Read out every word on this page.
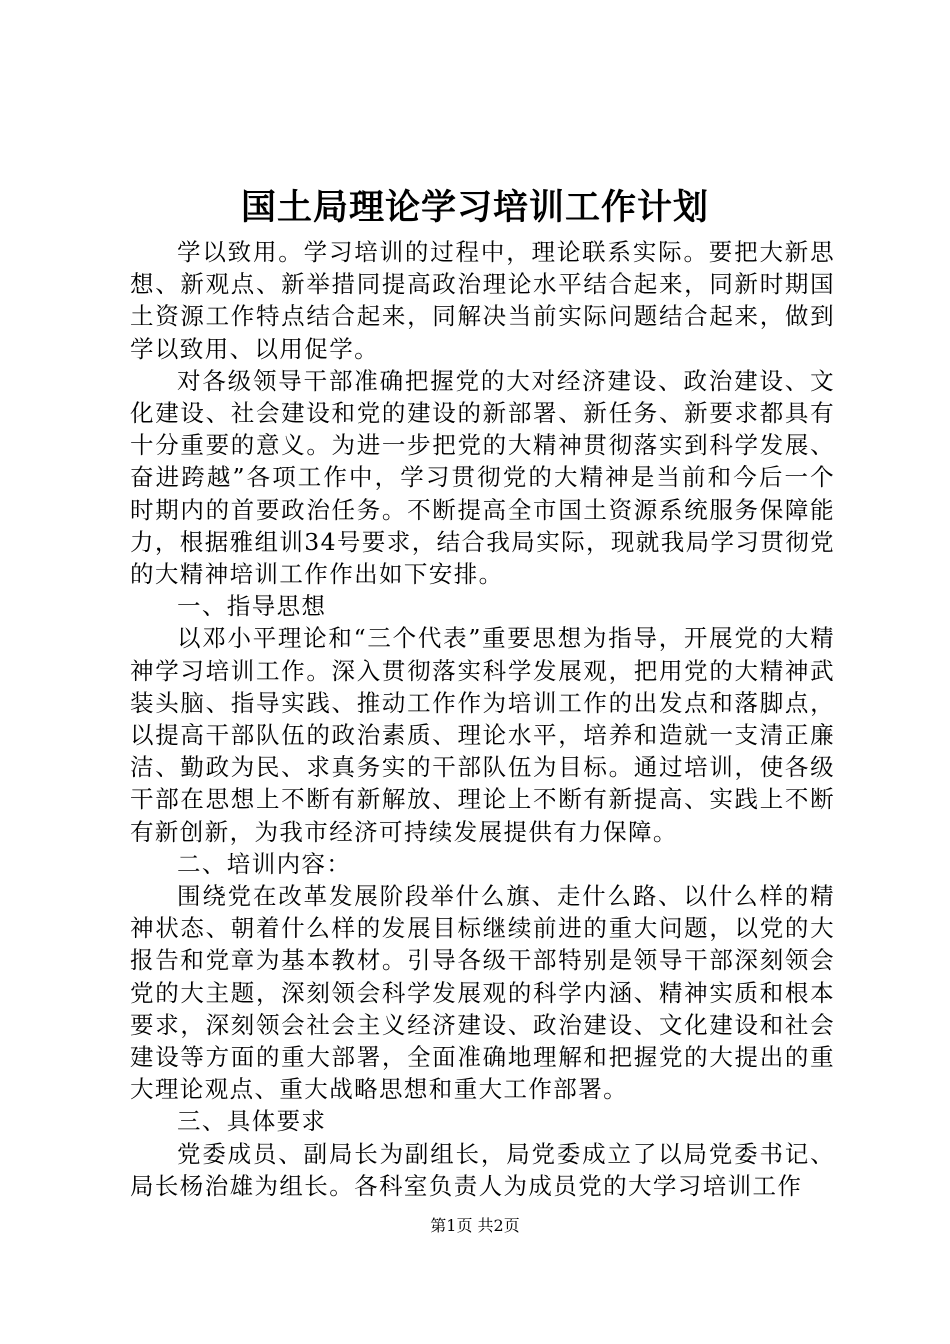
国土局理论学习培训工作计划

学以致用。学习培训的过程中，理论联系实际。要把大新思想、新观点、新举措同提高政治理论水平结合起来，同新时期国土资源工作特点结合起来，同解决当前实际问题结合起来，做到学以致用、以用促学。

对各级领导干部准确把握党的大对经济建设、政治建设、文化建设、社会建设和党的建设的新部署、新任务、新要求都具有十分重要的意义。为进一步把党的大精神贯彻落实到科学发展、奋进跨越”各项工作中，学习贯彻党的大精神是当前和今后一个时期内的首要政治任务。不断提高全市国土资源系统服务保障能力，根据雅组训34号要求，结合我局实际，现就我局学习贯彻党的大精神培训工作作出如下安排。

一、指导思想

以邓小平理论和“三个代表”重要思想为指导，开展党的大精神学习培训工作。深入贯彻落实科学发展观，把用党的大精神武装头脑、指导实践、推动工作作为培训工作的出发点和落脚点，以提高干部队伍的政治素质、理论水平，培养和造就一支清正廉洁、勤政为民、求真务实的干部队伍为目标。通过培训，使各级干部在思想上不断有新解放、理论上不断有新提高、实践上不断有新创新，为我市经济可持续发展提供有力保障。

二、培训内容：

围绕党在改革发展阶段举什么旗、走什么路、以什么样的精神状态、朝着什么样的发展目标继续前进的重大问题，以党的大报告和党章为基本教材。引导各级干部特别是领导干部深刻领会党的大主题，深刻领会科学发展观的科学内涵、精神实质和根本要求，深刻领会社会主义经济建设、政治建设、文化建设和社会建设等方面的重大部署，全面准确地理解和把握党的大提出的重大理论观点、重大战略思想和重大工作部署。

三、具体要求

党委成员、副局长为副组长，局党委成立了以局党委书记、局长杨治雄为组长。各科室负责人为成员党的大学习培训工作

第1页 共2页
